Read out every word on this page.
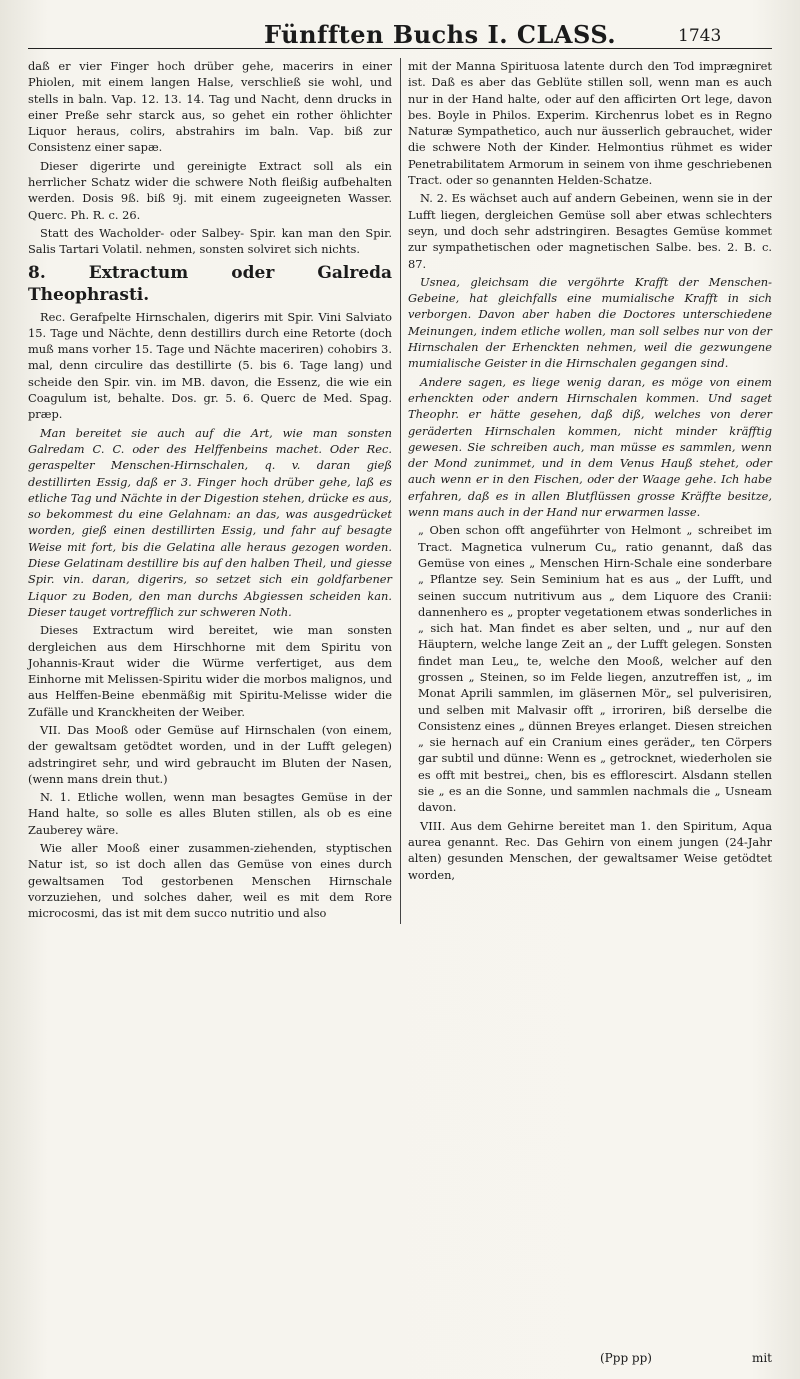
Fünfften Buchs I. CLASS.	1743

daß er vier Finger hoch drüber gehe, macerirs in einer Phiolen, mit einem langen Halse, verschließ sie wohl, und stells in baln. Vap. 12. 13. 14. Tag und Nacht, denn drucks in einer Preße sehr starck aus, so gehet ein rother öhlichter Liquor heraus, colirs, abstrahirs im baln. Vap. biß zur Consistenz einer sapæ.

Dieser digerirte und gereinigte Extract soll als ein herrlicher Schatz wider die schwere Noth fleißig aufbehalten werden. Dosis 9ß. biß 9j. mit einem zugeeigneten Wasser. Querc. Ph. R. c. 26.

Statt des Wacholder- oder Salbey- Spir. kan man den Spir. Salis Tartari Volatil. nehmen, sonsten solviret sich nichts.

8. Extractum oder Galreda Theophrasti.

Rec. Gerafpelte Hirnschalen, digerirs mit Spir. Vini Salviato 15. Tage und Nächte, denn destillirs durch eine Retorte (doch muß mans vorher 15. Tage und Nächte maceriren) cohobirs 3. mal, denn circulire das destillirte (5. bis 6. Tage lang) und scheide den Spir. vin. im MB. davon, die Essenz, die wie ein Coagulum ist, behalte. Dos. gr. 5. 6. Querc de Med. Spag. præp.

Man bereitet sie auch auf die Art, wie man sonsten Galredam C. C. oder des Helffenbeins machet. Oder Rec. geraspelter Menschen-Hirnschalen, q. v. daran gieß destillirten Essig, daß er 3. Finger hoch drüber gehe, laß es etliche Tag und Nächte in der Digestion stehen, drücke es aus, so bekommest du eine Gelahnam: an das, was ausgedrücket worden, gieß einen destillirten Essig, und fahr auf besagte Weise mit fort, bis die Gelatina alle heraus gezogen worden. Diese Gelatinam destillire bis auf den halben Theil, und giesse Spir. vin. daran, digerirs, so setzet sich ein goldfarbener Liquor zu Boden, den man durchs Abgiessen scheiden kan. Dieser tauget vortrefflich zur schweren Noth.

Dieses Extractum wird bereitet, wie man sonsten dergleichen aus dem Hirschhorne mit dem Spiritu von Johannis-Kraut wider die Würme verfertiget, aus dem Einhorne mit Melissen-Spiritu wider die morbos malignos, und aus Helffen-Beine ebenmäßig mit Spiritu-Melisse wider die Zufälle und Kranckheiten der Weiber.

VII. Das Mooß oder Gemüse auf Hirnschalen (von einem, der gewaltsam getödtet worden, und in der Lufft gelegen) adstringiret sehr, und wird gebraucht im Bluten der Nasen, (wenn mans drein thut.)

N. 1. Etliche wollen, wenn man besagtes Gemüse in der Hand halte, so solle es alles Bluten stillen, als ob es eine Zauberey wäre.

Wie aller Mooß einer zusammen-ziehenden, styptischen Natur ist, so ist doch allen das Gemüse von eines durch gewaltsamen Tod gestorbenen Menschen Hirnschale vorzuziehen, und solches daher, weil es mit dem Rore microcosmi, das ist mit dem succo nutritio und also

mit der Manna Spirituosa latente durch den Tod imprægniret ist. Daß es aber das Geblüte stillen soll, wenn man es auch nur in der Hand halte, oder auf den afficirten Ort lege, davon bes. Boyle in Philos. Experim. Kirchenrus lobet es in Regno Naturæ Sympathetico, auch nur äusserlich gebrauchet, wider die schwere Noth der Kinder. Helmontius rühmet es wider Penetrabilitatem Armorum in seinem von ihme geschriebenen Tract. oder so genannten Helden-Schatze.

N. 2. Es wächset auch auf andern Gebeinen, wenn sie in der Lufft liegen, dergleichen Gemüse soll aber etwas schlechters seyn, und doch sehr adstringiren. Besagtes Gemüse kommet zur sympathetischen oder magnetischen Salbe. bes. 2. B. c. 87.

Usnea, gleichsam die vergöhrte Krafft der Menschen-Gebeine, hat gleichfalls eine mumialische Krafft in sich verborgen. Davon aber haben die Doctores unterschiedene Meinungen, indem etliche wollen, man soll selbes nur von der Hirnschalen der Erhenckten nehmen, weil die gezwungene mumialische Geister in die Hirnschalen gegangen sind.

Andere sagen, es liege wenig daran, es möge von einem erhenckten oder andern Hirnschalen kommen. Und saget Theophr. er hätte gesehen, daß diß, welches von derer geräderten Hirnschalen kommen, nicht minder kräfftig gewesen. Sie schreiben auch, man müsse es sammlen, wenn der Mond zunimmet, und in dem Venus Hauß stehet, oder auch wenn er in den Fischen, oder der Waage gehe. Ich habe erfahren, daß es in allen Blutflüssen grosse Kräffte besitze, wenn mans auch in der Hand nur erwarmen lasse.

„ Oben schon offt angeführter von Helmont „ schreibet im Tract. Magnetica vulnerum Cu„ ratio genannt, daß das Gemüse von eines „ Menschen Hirn-Schale eine sonderbare „ Pflantze sey. Sein Seminium hat es aus „ der Lufft, und seinen succum nutritivum aus „ dem Liquore des Cranii: dannenhero es „ propter vegetationem etwas sonderliches in „ sich hat. Man findet es aber selten, und „ nur auf den Häuptern, welche lange Zeit an „ der Lufft gelegen. Sonsten findet man Leu„ te, welche den Mooß, welcher auf den grossen „ Steinen, so im Felde liegen, anzutreffen ist, „ im Monat Aprili sammlen, im gläsernen Mör„ sel pulverisiren, und selben mit Malvasir offt „ irroriren, biß derselbe die Consistenz eines „ dünnen Breyes erlanget. Diesen streichen „ sie hernach auf ein Cranium eines geräder„ ten Cörpers gar subtil und dünne: Wenn es „ getrocknet, wiederholen sie es offt mit bestrei„ chen, bis es efflorescirt. Alsdann stellen sie „ es an die Sonne, und sammlen nachmals die „ Usneam davon.

VIII. Aus dem Gehirne bereitet man 1. den Spiritum, Aqua aurea genannt. Rec. Das Gehirn von einem jungen (24-Jahr alten) gesunden Menschen, der gewaltsamer Weise getödtet worden,

(Ppp pp)	mit
